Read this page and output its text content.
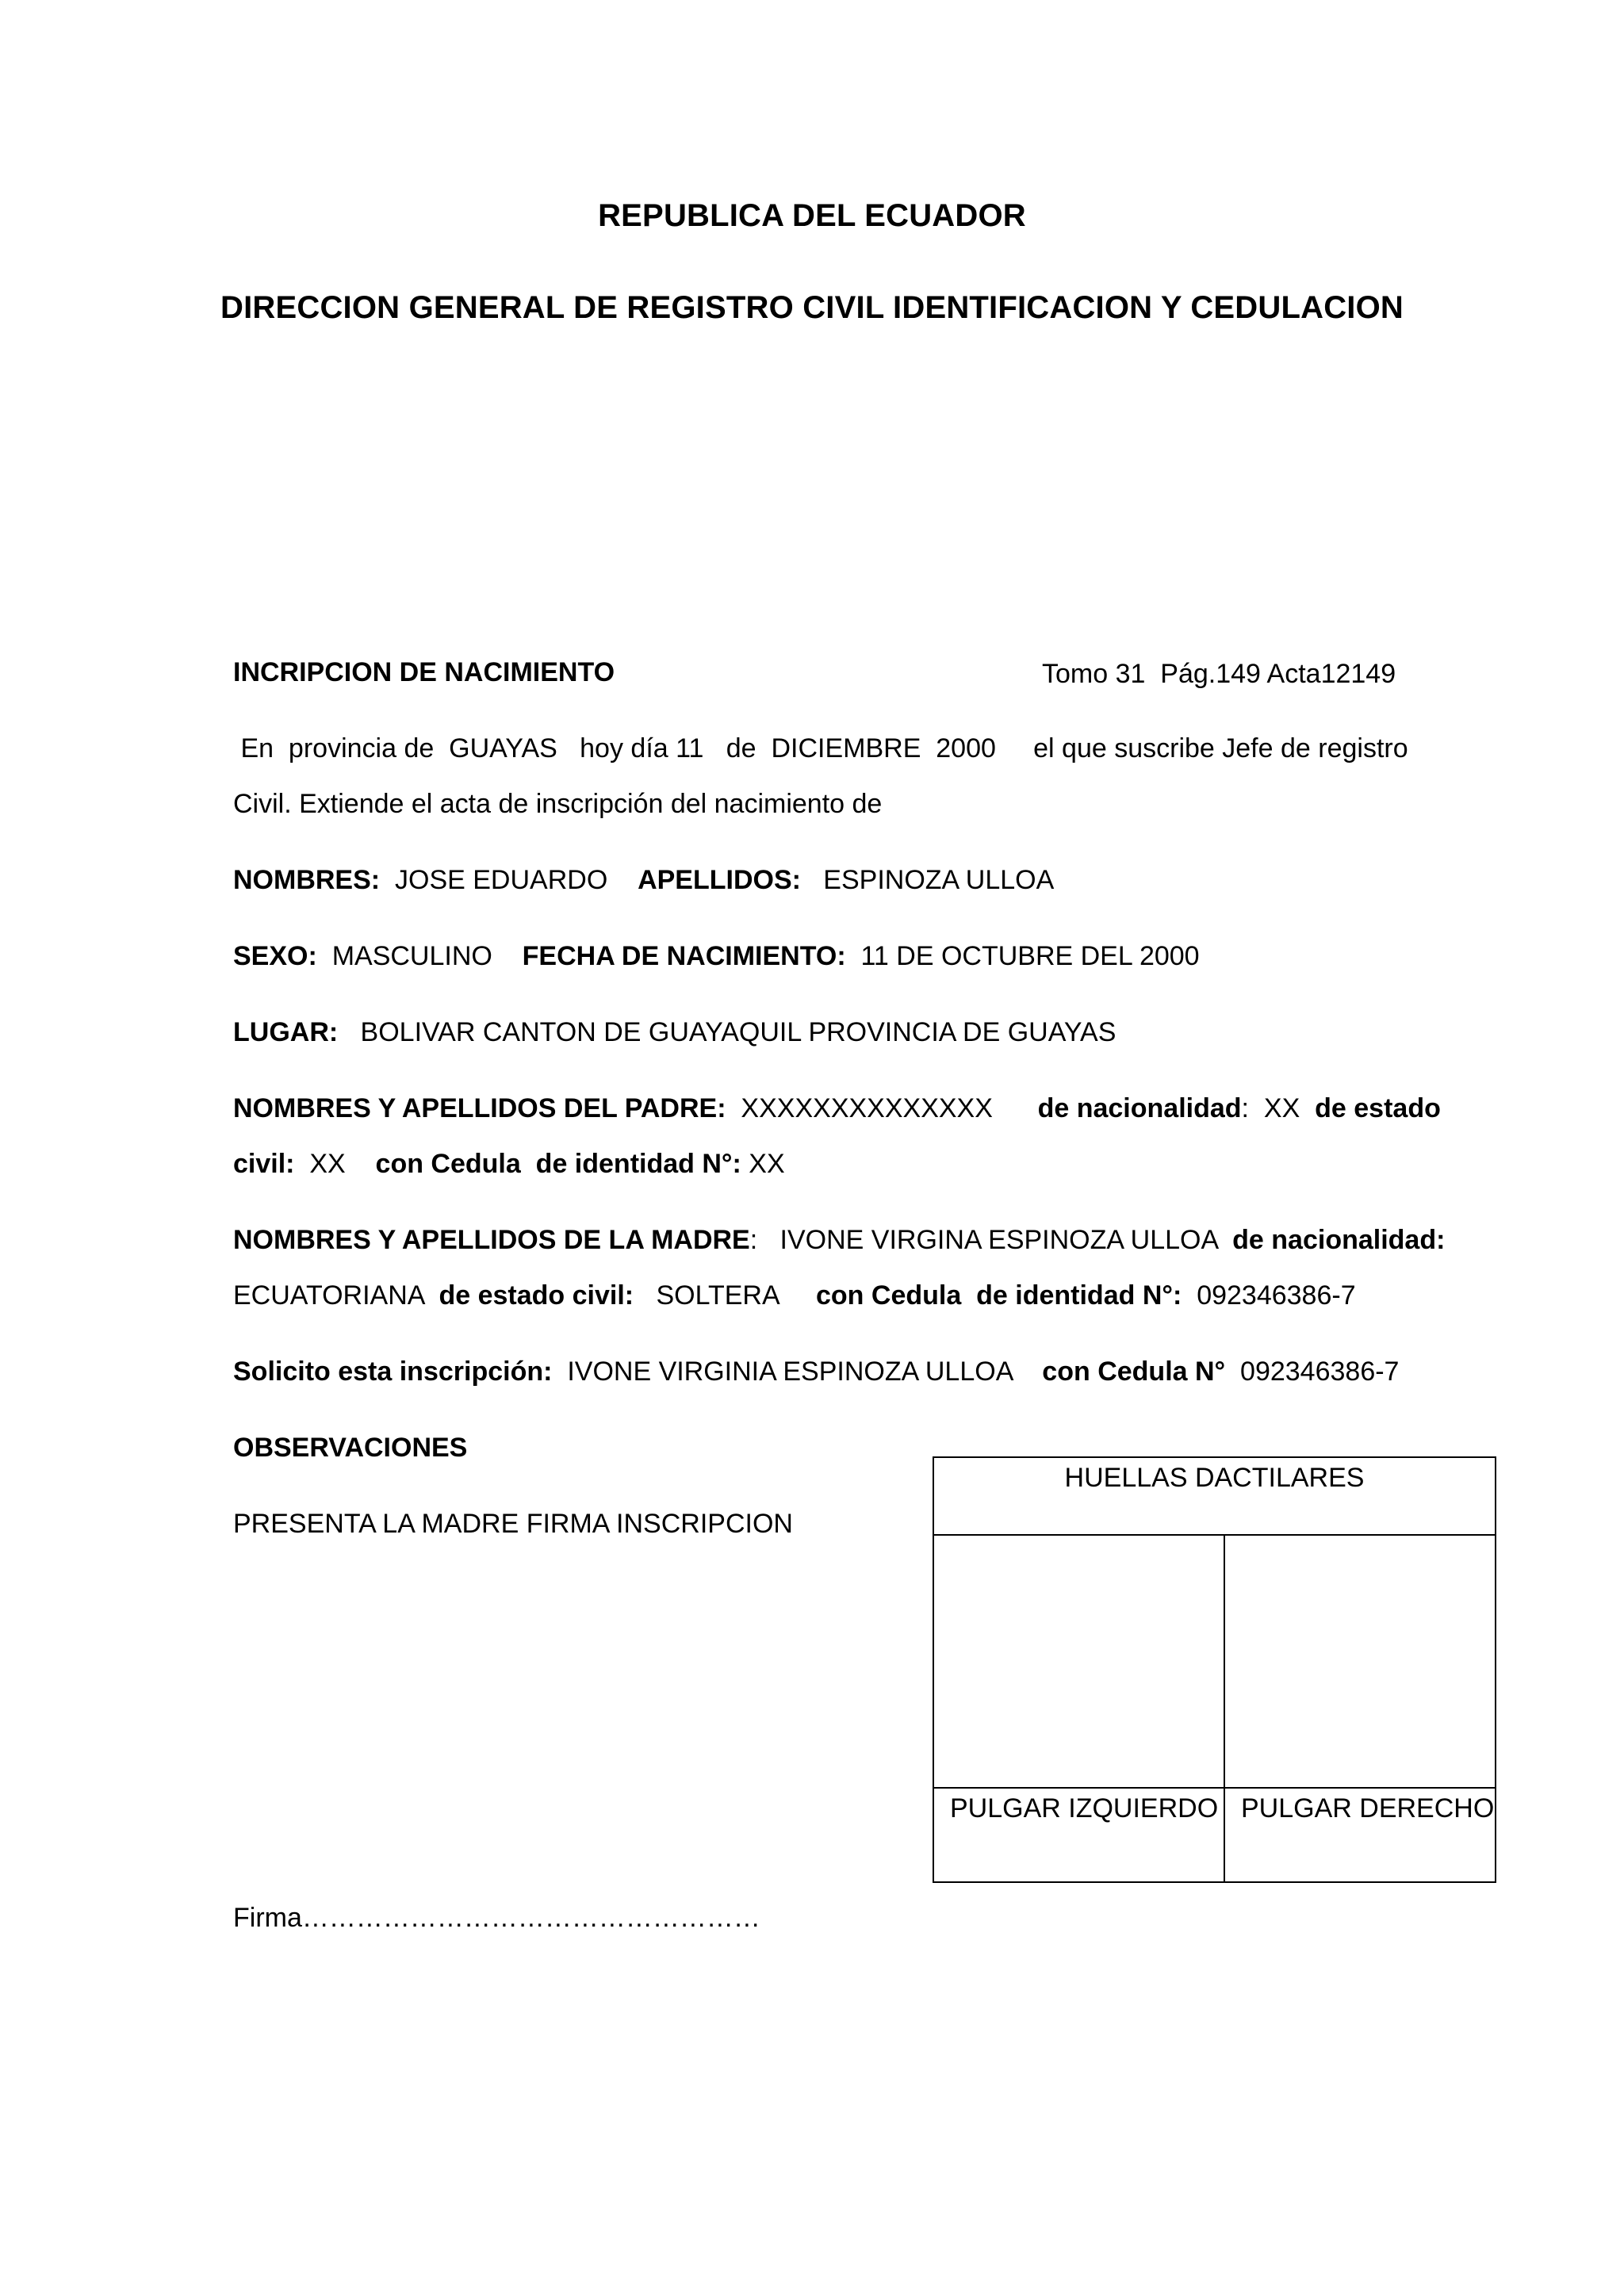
REPUBLICA DEL ECUADOR
DIRECCION GENERAL DE REGISTRO CIVIL IDENTIFICACION Y CEDULACION
INCRIPCION DE NACIMIENTO	Tomo 31  Pág.149 Acta12149
En  provincia de  GUAYAS   hoy día 11   de  DICIEMBRE  2000     el que suscribe Jefe de registro
Civil. Extiende el acta de inscripción del nacimiento de
NOMBRES:  JOSE EDUARDO    APELLIDOS:   ESPINOZA ULLOA
SEXO:  MASCULINO    FECHA DE NACIMIENTO:  11 DE OCTUBRE DEL 2000
LUGAR:   BOLIVAR CANTON DE GUAYAQUIL PROVINCIA DE GUAYAS
NOMBRES Y APELLIDOS DEL PADRE:  XXXXXXXXXXXXXX      de nacionalidad:  XX  de estado
civil:  XX    con Cedula  de identidad N°: XX
NOMBRES Y APELLIDOS DE LA MADRE:   IVONE VIRGINA ESPINOZA ULLOA  de nacionalidad:
ECUATORIANA  de estado civil:   SOLTERA     con Cedula  de identidad N°:  092346386-7
Solicito esta inscripción:  IVONE VIRGINIA ESPINOZA ULLOA    con Cedula N°  092346386-7
OBSERVACIONES
PRESENTA LA MADRE FIRMA INSCRIPCION
HUELLAS DACTILARES
PULGAR IZQUIERDO PULGAR DERECHO
Firma……………………………………………
